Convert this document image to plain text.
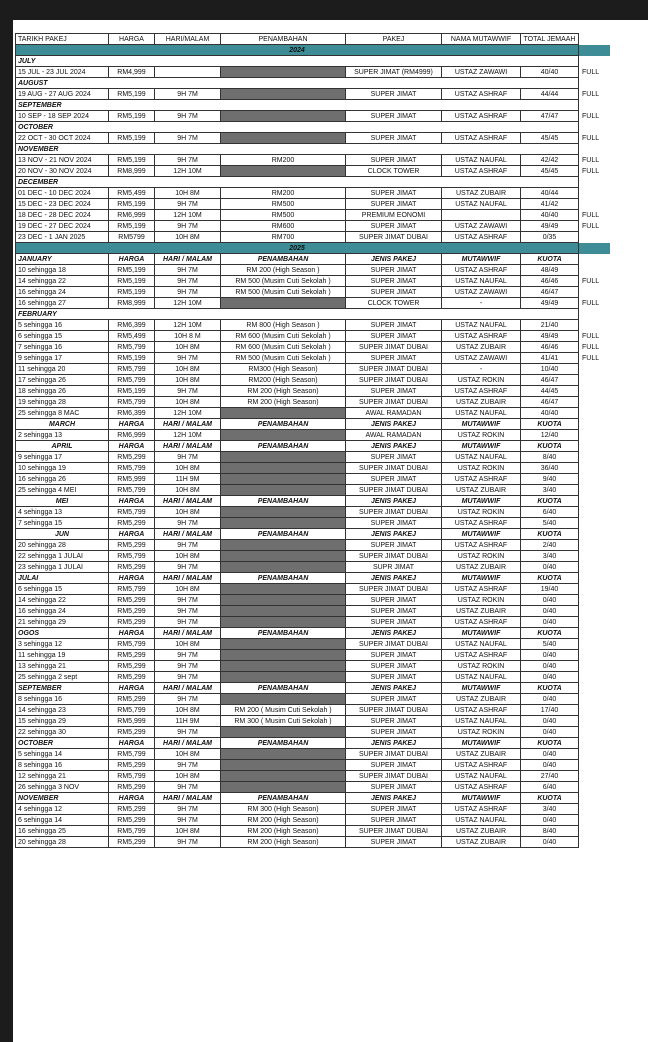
TARIKH PAKEJ	HARGA	HARI/MALAM	PENAMBAHAN	PAKEJ	NAMA MUTAWWIF	TOTAL JEMAAH	
2024							
JULY							
15 JUL - 23 JUL 2024	RM4,999			SUPER JIMAT (RM4999)	USTAZ ZAWAWI	40/40	FULL
AUGUST							
19 AUG - 27 AUG 2024	RM5,199	9H 7M		SUPER JIMAT	USTAZ ASHRAF	44/44	FULL
SEPTEMBER							
10 SEP - 18 SEP 2024	RM5,199	9H 7M		SUPER JIMAT	USTAZ ASHRAF	47/47	FULL
OCTOBER							
22 OCT - 30 OCT 2024	RM5,199	9H 7M		SUPER JIMAT	USTAZ ASHRAF	45/45	FULL
NOVEMBER							
13 NOV - 21 NOV 2024	RM5,199	9H 7M	RM200	SUPER JIMAT	USTAZ NAUFAL	42/42	FULL
20 NOV - 30 NOV 2024	RM8,999	12H 10M		CLOCK TOWER	USTAZ ASHRAF	45/45	FULL
DECEMBER							
01 DEC - 10 DEC 2024	RM5,499	10H 8M	RM200	SUPER JIMAT	USTAZ ZUBAIR	40/44	
15 DEC - 23 DEC 2024	RM5,199	9H 7M	RM500	SUPER JIMAT	USTAZ NAUFAL	41/42	
18 DEC - 28 DEC 2024	RM6,999	12H 10M	RM500	PREMIUM EONOMI		40/40	FULL
19 DEC - 27 DEC 2024	RM5,199	9H 7M	RM600	SUPER JIMAT	USTAZ ZAWAWI	49/49	FULL
23 DEC - 1 JAN 2025	RM5799	10H 8M	RM700	SUPER JIMAT DUBAI	USTAZ ASHRAF	0/35	
2025							
JANUARY	HARGA	HARI / MALAM	PENAMBAHAN	JENIS PAKEJ	MUTAWWIF	KUOTA	
10 sehingga 18	RM5,199	9H 7M	RM 200 (High Season )	SUPER JIMAT	USTAZ ASHRAF	48/49	
14 sehingga 22	RM5,199	9H 7M	RM 500 (Musim Cuti Sekolah )	SUPER JIMAT	USTAZ NAUFAL	46/46	FULL
16 sehingga 24	RM5,199	9H 7M	RM 500 (Musim Cuti Sekolah )	SUPER JIMAT	USTAZ ZAWAWI	46/47	
16 sehingga 27	RM8,999	12H 10M		CLOCK TOWER	-	49/49	FULL
FEBRUARY							
5 sehingga 16	RM6,399	12H 10M	RM 800 (High Season )	SUPER JIMAT	USTAZ NAUFAL	21/40	
6 sehingga 15	RM5,499	10H 8 M	RM 600 (Musim Cuti Sekolah )	SUPER JIMAT	USTAZ ASHRAF	49/49	FULL
7 sehingga 16	RM5,799	10H 8M	RM 600 (Musim Cuti Sekolah )	SUPER JIMAT DUBAI	USTAZ ZUBAIR	46/46	FULL
9 sehingga 17	RM5,199	9H 7M	RM 500 (Musim Cuti Sekolah )	SUPER JIMAT	USTAZ ZAWAWI	41/41	FULL
11 sehingga 20	RM5,799	10H 8M	RM300 (High Season)	SUPER JIMAT DUBAI	-	10/40	
17 sehingga 26	RM5,799	10H 8M	RM200 (High Season)	SUPER JIMAT DUBAI	USTAZ ROKIN	46/47	
18 sehingga 26	RM5,199	9H 7M	RM 200 (High Season)	SUPER JIMAT	USTAZ ASHRAF	44/45	
19 sehingga 28	RM5,799	10H 8M	RM 200 (High Season)	SUPER JIMAT DUBAI	USTAZ ZUBAIR	46/47	
25 sehingga 8 MAC	RM6,399	12H 10M		AWAL RAMADAN	USTAZ NAUFAL	40/40	
MARCH	HARGA	HARI / MALAM	PENAMBAHAN	JENIS PAKEJ	MUTAWWIF	KUOTA	
2 sehingga 13	RM6,999	12H 10M		AWAL RAMADAN	USTAZ ROKIN	12/40	
APRIL	HARGA	HARI / MALAM	PENAMBAHAN	JENIS PAKEJ	MUTAWWIF	KUOTA	
9 sehingga 17	RM5,299	9H 7M		SUPER JIMAT	USTAZ NAUFAL	8/40	
10 sehingga 19	RM5,799	10H 8M		SUPER JIMAT DUBAI	USTAZ ROKIN	36/40	
16 sehingga 26	RM5,999	11H 9M		SUPER JIMAT	USTAZ ASHRAF	9/40	
25 sehingga 4 MEI	RM5,799	10H 8M		SUPER JIMAT DUBAI	USTAZ ZUBAIR	3/40	
MEI	HARGA	HARI / MALAM	PENAMBAHAN	JENIS PAKEJ	MUTAWWIF	KUOTA	
4 sehingga 13	RM5,799	10H 8M		SUPER JIMAT DUBAI	USTAZ ROKIN	6/40	
7 sehingga 15	RM5,299	9H 7M		SUPER JIMAT	USTAZ ASHRAF	5/40	
JUN	HARGA	HARI / MALAM	PENAMBAHAN	JENIS PAKEJ	MUTAWWIF	KUOTA	
20 sehingga 28	RM5,299	9H 7M		SUPER JIMAT	USTAZ ASHRAF	2/40	
22 sehingga 1 JULAI	RM5,799	10H 8M		SUPER JIMAT DUBAI	USTAZ ROKIN	3/40	
23 sehingga 1 JULAI	RM5,299	9H 7M		SUPR JIMAT	USTAZ ZUBAIR	0/40	
JULAI	HARGA	HARI / MALAM	PENAMBAHAN	JENIS PAKEJ	MUTAWWIF	KUOTA	
6 sehingga 15	RM5,799	10H 8M		SUPER JIMAT DUBAI	USTAZ ASHRAF	19/40	
14 sehingga 22	RM5,299	9H 7M		SUPER JIMAT	USTAZ ROKIN	0/40	
16 sehingga 24	RM5,299	9H 7M		SUPER JIMAT	USTAZ ZUBAIR	0/40	
21 sehingga 29	RM5,299	9H 7M		SUPER JIMAT	USTAZ ASHRAF	0/40	
OGOS	HARGA	HARI / MALAM	PENAMBAHAN	JENIS PAKEJ	MUTAWWIF	KUOTA	
3 sehingga 12	RM5,799	10H 8M		SUPER JIMAT DUBAI	USTAZ NAUFAL	5/40	
11 sehingga 19	RM5,299	9H 7M		SUPER JIMAT	USTAZ ASHRAF	0/40	
13 sehingga 21	RM5,299	9H 7M		SUPER JIMAT	USTAZ ROKIN	0/40	
25 sehingga 2 sept	RM5,299	9H 7M		SUPER JIMAT	USTAZ NAUFAL	0/40	
SEPTEMBER	HARGA	HARI / MALAM	PENAMBAHAN	JENIS PAKEJ	MUTAWWIF	KUOTA	
8 sehingga 16	RM5,299	9H 7M		SUPER JIMAT	USTAZ ZUBAIR	0/40	
14 sehingga 23	RM5,799	10H 8M	RM 200 ( Musim Cuti Sekolah )	SUPER JIMAT DUBAI	USTAZ ASHRAF	17/40	
15 sehingga 29	RM5,999	11H 9M	RM 300 ( Musim Cuti Sekolah )	SUPER JIMAT	USTAZ NAUFAL	0/40	
22 sehingga 30	RM5,299	9H 7M		SUPER JIMAT	USTAZ ROKIN	0/40	
OCTOBER	HARGA	HARI / MALAM	PENAMBAHAN	JENIS PAKEJ	MUTAWWIF	KUOTA	
5 sehingga 14	RM5,799	10H 8M		SUPER JIMAT DUBAI	USTAZ ZUBAIR	0/40	
8 sehingga 16	RM5,299	9H 7M		SUPER JIMAT	USTAZ ASHRAF	0/40	
12 sehingga 21	RM5,799	10H 8M		SUPER JIMAT DUBAI	USTAZ NAUFAL	27/40	
26 sehingga 3 NOV	RM5,299	9H 7M		SUPER JIMAT	USTAZ ASHRAF	6/40	
NOVEMBER	HARGA	HARI / MALAM	PENAMBAHAN	JENIS PAKEJ	MUTAWWIF	KUOTA	
4 sehingga 12	RM5,299	9H 7M	RM 300 (High Season)	SUPER JIMAT	USTAZ ASHRAF	3/40	
6 sehingga 14	RM5,299	9H 7M	RM 200 (High Season)	SUPER JIMAT	USTAZ NAUFAL	0/40	
16 sehingga 25	RM5,799	10H 8M	RM 200 (High Season)	SUPER JIMAT DUBAI	USTAZ ZUBAIR	8/40	
20 sehingga 28	RM5,299	9H 7M	RM 200 (High Season)	SUPER JIMAT	USTAZ ZUBAIR	0/40	
